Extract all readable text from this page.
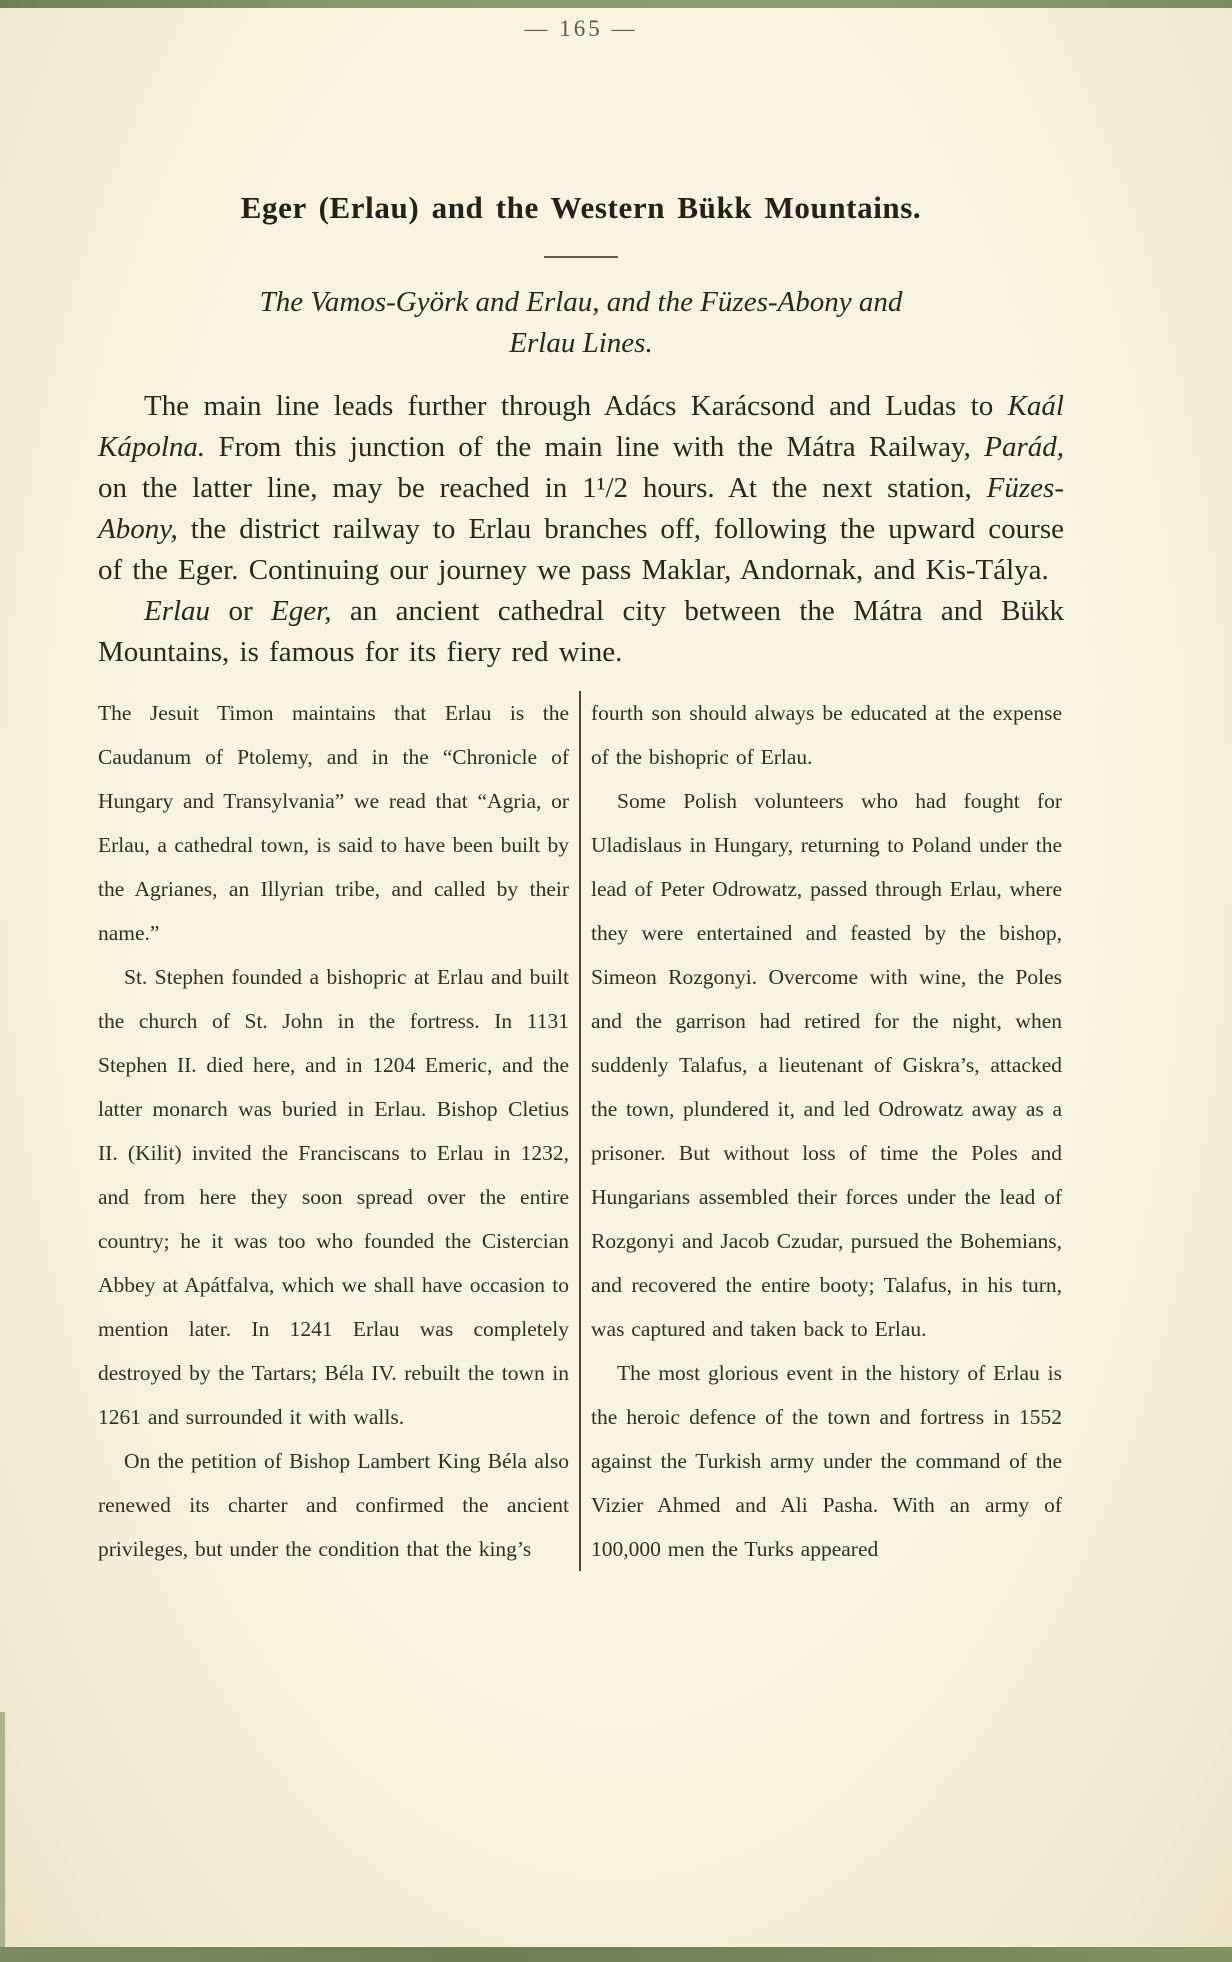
— 165 —
Eger (Erlau) and the Western Bükk Mountains.
The Vamos-Györk and Erlau, and the Füzes-Abony and
Erlau Lines.

The main line leads further through Adács Karácsond and Ludas to Kaál Kápolna. From this junction of the main line with the Mátra Railway, Parád, on the latter line, may be reached in 1¹/2 hours. At the next station, Füzes-Abony, the district railway to Erlau branches off, following the upward course of the Eger. Continuing our journey we pass Maklar, Andornak, and Kis-Tálya.

Erlau or Eger, an ancient cathedral city between the Mátra and Bükk Mountains, is famous for its fiery red wine.

The Jesuit Timon maintains that Erlau is the Caudanum of Ptolemy, and in the “Chronicle of Hungary and Transylvania” we read that “Agria, or Erlau, a cathedral town, is said to have been built by the Agrianes, an Illyrian tribe, and called by their name.”

St. Stephen founded a bishopric at Erlau and built the church of St. John in the fortress. In 1131 Stephen II. died here, and in 1204 Emeric, and the latter monarch was buried in Erlau. Bishop Cletius II. (Kilit) invited the Franciscans to Erlau in 1232, and from here they soon spread over the entire country; he it was too who founded the Cistercian Abbey at Apátfalva, which we shall have occasion to mention later. In 1241 Erlau was completely destroyed by the Tartars; Béla IV. rebuilt the town in 1261 and surrounded it with walls.

On the petition of Bishop Lambert King Béla also renewed its charter and confirmed the ancient privileges, but under the condition that the king’s

fourth son should always be educated at the expense of the bishopric of Erlau.

Some Polish volunteers who had fought for Uladislaus in Hungary, returning to Poland under the lead of Peter Odrowatz, passed through Erlau, where they were entertained and feasted by the bishop, Simeon Rozgonyi. Overcome with wine, the Poles and the garrison had retired for the night, when suddenly Talafus, a lieutenant of Giskra’s, attacked the town, plundered it, and led Odrowatz away as a prisoner. But without loss of time the Poles and Hungarians assembled their forces under the lead of Rozgonyi and Jacob Czudar, pursued the Bohemians, and recovered the entire booty; Talafus, in his turn, was captured and taken back to Erlau.

The most glorious event in the history of Erlau is the heroic defence of the town and fortress in 1552 against the Turkish army under the command of the Vizier Ahmed and Ali Pasha. With an army of 100,000 men the Turks appeared
